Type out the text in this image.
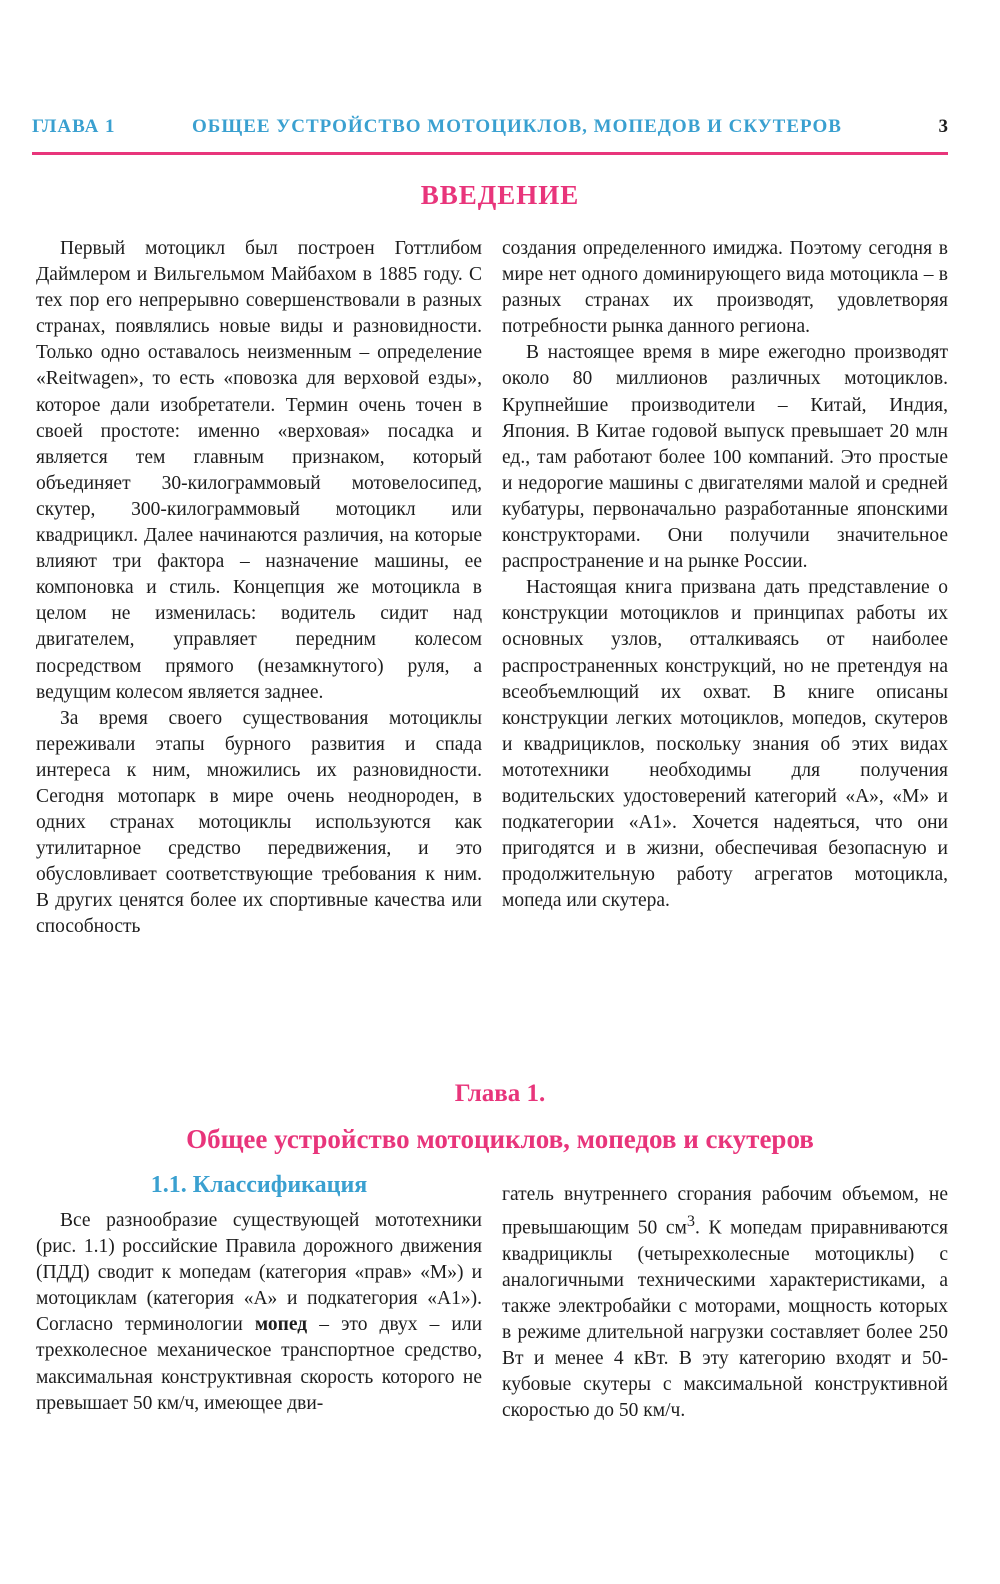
ГЛАВА 1	ОБЩЕЕ УСТРОЙСТВО МОТОЦИКЛОВ, МОПЕДОВ И СКУТЕРОВ	3
ВВЕДЕНИЕ

Первый мотоцикл был построен Готтлибом Даймлером и Вильгельмом Майбахом в 1885 году. С тех пор его непрерывно совершенствовали в разных странах, появлялись новые виды и разновидности. Только одно оставалось неизменным – определение «Reitwagen», то есть «повозка для верховой езды», которое дали изобретатели. Термин очень точен в своей простоте: именно «верховая» посадка и является тем главным признаком, который объединяет 30-килограммовый мотовелосипед, скутер, 300-килограммовый мотоцикл или квадрицикл. Далее начинаются различия, на которые влияют три фактора – назначение машины, ее компоновка и стиль. Концепция же мотоцикла в целом не изменилась: водитель сидит над двигателем, управляет передним колесом посредством прямого (незамкнутого) руля, а ведущим колесом является заднее.

За время своего существования мотоциклы переживали этапы бурного развития и спада интереса к ним, множились их разновидности. Сегодня мотопарк в мире очень неоднороден, в одних странах мотоциклы используются как утилитарное средство передвижения, и это обусловливает соответствующие требования к ним. В других ценятся более их спортивные качества или способность

создания определенного имиджа. Поэтому сегодня в мире нет одного доминирующего вида мотоцикла – в разных странах их производят, удовлетворяя потребности рынка данного региона.

В настоящее время в мире ежегодно производят около 80 миллионов различных мотоциклов. Крупнейшие производители – Китай, Индия, Япония. В Китае годовой выпуск превышает 20 млн ед., там работают более 100 компаний. Это простые и недорогие машины с двигателями малой и средней кубатуры, первоначально разработанные японскими конструкторами. Они получили значительное распространение и на рынке России.

Настоящая книга призвана дать представление о конструкции мотоциклов и принципах работы их основных узлов, отталкиваясь от наиболее распространенных конструкций, но не претендуя на всеобъемлющий их охват. В книге описаны конструкции легких мотоциклов, мопедов, скутеров и квадрициклов, поскольку знания об этих видах мототехники необходимы для получения водительских удостоверений категорий «А», «М» и подкатегории «А1». Хочется надеяться, что они пригодятся и в жизни, обеспечивая безопасную и продолжительную работу агрегатов мотоцикла, мопеда или скутера.

Глава 1.
Общее устройство мотоциклов, мопедов и скутеров
1.1. Классификация

Все разнообразие существующей мототехники (рис. 1.1) российские Правила дорожного движения (ПДД) сводит к мопедам (категория «прав» «М») и мотоциклам (категория «А» и подкатегория «А1»). Согласно терминологии мопед – это двух – или трехколесное механическое транспортное средство, максимальная конструктивная скорость которого не превышает 50 км/ч, имеющее дви-

гатель внутреннего сгорания рабочим объемом, не превышающим 50 $см^3$. К мопедам приравниваются квадрициклы (четырехколесные мотоциклы) с аналогичными техническими характеристиками, а также электробайки с моторами, мощность которых в режиме длительной нагрузки составляет более 250 Вт и менее 4 кВт. В эту категорию входят и 50-кубовые скутеры с максимальной конструктивной скоростью до 50 км/ч.
